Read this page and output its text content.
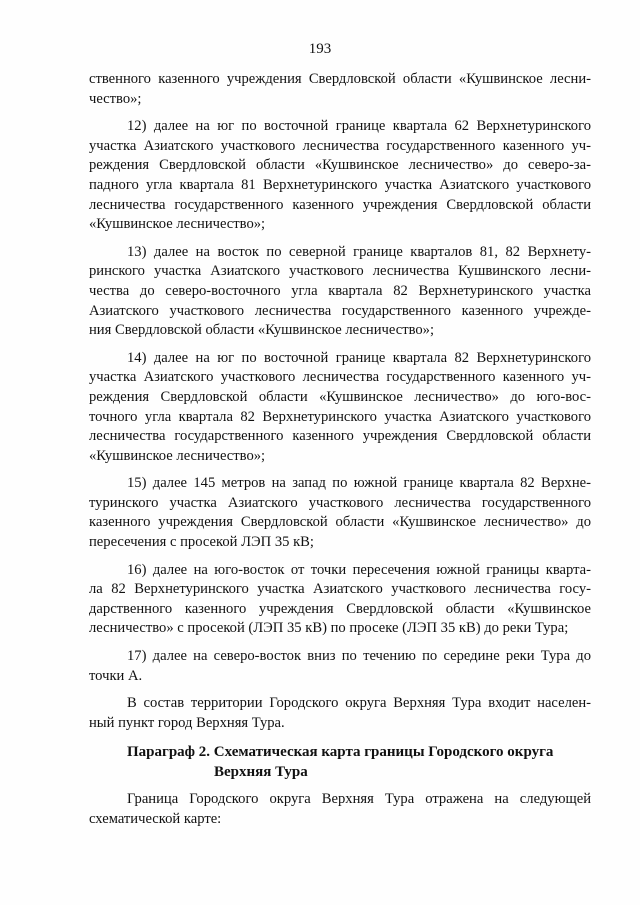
193
ственного казенного учреждения Свердловской области «Кушвинское лесни-
чество»;
12) далее на юг по восточной границе квартала 62 Верхнетуринского
участка Азиатского участкового лесничества государственного казенного уч-
реждения Свердловской области «Кушвинское лесничество» до северо-за-
падного угла квартала 81 Верхнетуринского участка Азиатского участкового
лесничества государственного казенного учреждения Свердловской области
«Кушвинское лесничество»;
13) далее на восток по северной границе кварталов 81, 82 Верхнету-
ринского участка Азиатского участкового лесничества Кушвинского лесни-
чества до северо-восточного угла квартала 82 Верхнетуринского участка
Азиатского участкового лесничества государственного казенного учрежде-
ния Свердловской области «Кушвинское лесничество»;
14) далее на юг по восточной границе квартала 82 Верхнетуринского
участка Азиатского участкового лесничества государственного казенного уч-
реждения Свердловской области «Кушвинское лесничество» до юго-вос-
точного угла квартала 82 Верхнетуринского участка Азиатского участкового
лесничества государственного казенного учреждения Свердловской области
«Кушвинское лесничество»;
15) далее 145 метров на запад по южной границе квартала 82 Верхне-
туринского участка Азиатского участкового лесничества государственного
казенного учреждения Свердловской области «Кушвинское лесничество» до
пересечения с просекой ЛЭП 35 кВ;
16) далее на юго-восток от точки пересечения южной границы кварта-
ла 82 Верхнетуринского участка Азиатского участкового лесничества госу-
дарственного казенного учреждения Свердловской области «Кушвинское
лесничество» с просекой (ЛЭП 35 кВ) по просеке (ЛЭП 35 кВ) до реки Тура;
17) далее на северо-восток вниз по течению по середине реки Тура до
точки А.
В состав территории Городского округа Верхняя Тура входит населен-
ный пункт город Верхняя Тура.
Параграф 2. Схематическая карта границы Городского округа
Верхняя Тура
Граница Городского округа Верхняя Тура отражена на следующей
схематической карте:
